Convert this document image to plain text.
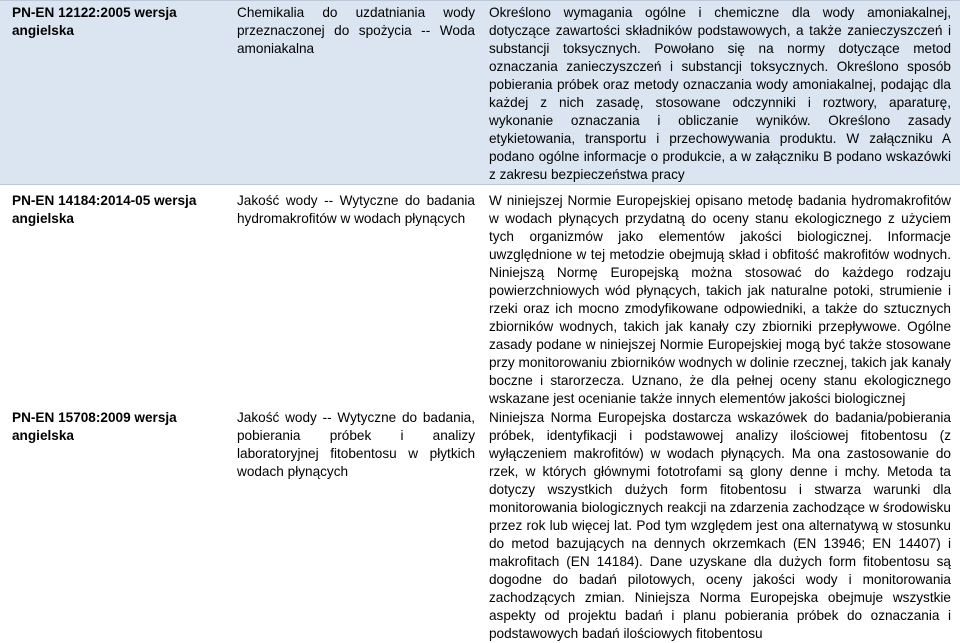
PN-EN 12122:2005 wersja angielska
Chemikalia do uzdatniania wody przeznaczonej do spożycia -- Woda amoniakalna
Określono wymagania ogólne i chemiczne dla wody amoniakalnej, dotyczące zawartości składników podstawowych, a także zanieczyszczeń i substancji toksycznych. Powołano się na normy dotyczące metod oznaczania zanieczyszczeń i substancji toksycznych. Określono sposób pobierania próbek oraz metody oznaczania wody amoniakalnej, podając dla każdej z nich zasadę, stosowane odczynniki i roztwory, aparaturę, wykonanie oznaczania i obliczanie wyników. Określono zasady etykietowania, transportu i przechowywania produktu. W załączniku A podano ogólne informacje o produkcie, a w załączniku B podano wskazówki z zakresu bezpieczeństwa pracy
PN-EN 14184:2014-05 wersja angielska
Jakość wody -- Wytyczne do badania hydromakrofitów w wodach płynących
W niniejszej Normie Europejskiej opisano metodę badania hydromakrofitów w wodach płynących przydatną do oceny stanu ekologicznego z użyciem tych organizmów jako elementów jakości biologicznej. Informacje uwzględnione w tej metodzie obejmują skład i obfitość makrofitów wodnych. Niniejszą Normę Europejską można stosować do każdego rodzaju powierzchniowych wód płynących, takich jak naturalne potoki, strumienie i rzeki oraz ich mocno zmodyfikowane odpowiedniki, a także do sztucznych zbiorników wodnych, takich jak kanały czy zbiorniki przepływowe. Ogólne zasady podane w niniejszej Normie Europejskiej mogą być także stosowane przy monitorowaniu zbiorników wodnych w dolinie rzecznej, takich jak kanały boczne i starorzecza. Uznano, że dla pełnej oceny stanu ekologicznego wskazane jest ocenianie także innych elementów jakości biologicznej
PN-EN 15708:2009 wersja angielska
Jakość wody -- Wytyczne do badania, pobierania próbek i analizy laboratoryjnej fitobentosu w płytkich wodach płynących
Niniejsza Norma Europejska dostarcza wskazówek do badania/pobierania próbek, identyfikacji i podstawowej analizy ilościowej fitobentosu (z wyłączeniem makrofitów) w wodach płynących. Ma ona zastosowanie do rzek, w których głównymi fototrofami są glony denne i mchy. Metoda ta dotyczy wszystkich dużych form fitobentosu i stwarza warunki dla monitorowania biologicznych reakcji na zdarzenia zachodzące w środowisku przez rok lub więcej lat. Pod tym względem jest ona alternatywą w stosunku do metod bazujących na dennych okrzemkach (EN 13946; EN 14407) i makrofitach (EN 14184). Dane uzyskane dla dużych form fitobentosu są dogodne do badań pilotowych, oceny jakości wody i monitorowania zachodzących zmian. Niniejsza Norma Europejska obejmuje wszystkie aspekty od projektu badań i planu pobierania próbek do oznaczania i podstawowych badań ilościowych fitobentosu
